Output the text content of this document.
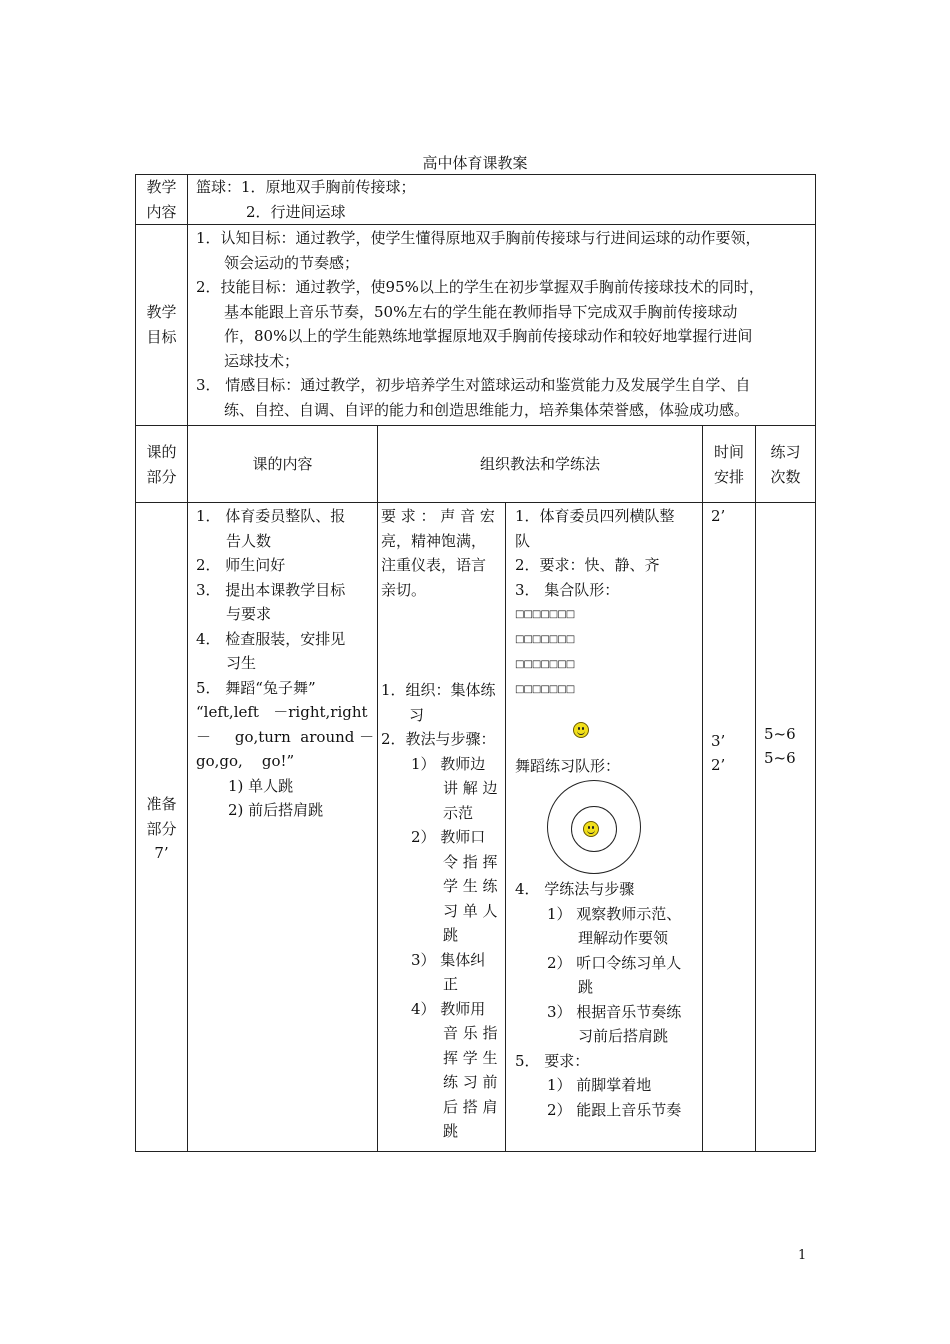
高中体育课教案

教学

内容

篮球：1．原地双手胸前传接球；

2．行进间运球

教学

目标

1．认知目标：通过教学，使学生懂得原地双手胸前传接球与行进间运球的动作要领，

领会运动的节奏感；

2．技能目标：通过教学，使95%以上的学生在初步掌握双手胸前传接球技术的同时，

基本能跟上音乐节奏，50%左右的学生能在教师指导下完成双手胸前传接球动

作，80%以上的学生能熟练地掌握原地双手胸前传接球动作和较好地掌握行进间

运球技术；

3． 情感目标：通过教学，初步培养学生对篮球运动和鉴赏能力及发展学生自学、自

练、自控、自调、自评的能力和创造思维能力，培养集体荣誉感，体验成功感。

课的

部分

课的内容	组织教法和学练法

时间

安排

练习

次数

准备

部分

7’

1． 体育委员整队、报

告人数

2． 师生问好

3． 提出本课教学目标

与要求

4． 检查服装，安排见

习生

5． 舞蹈“兔子舞”

“left,left   －right,right

－     go,turn  around －

go,go,    go!”

1) 单人跳

2) 前后搭肩跳

要 求 ： 声 音 宏

亮，精神饱满，

注重仪表，语言

亲切。

1．组织：集体练

习

2．教法与步骤：

1） 教师边

讲 解 边

示范

2） 教师口

令 指 挥

学 生 练

习 单 人

跳

3） 集体纠

正

4） 教师用

音 乐 指

挥 学 生

练 习 前

后 搭 肩

跳

1．体育委员四列横队整

队

2．要求：快、静、齐

3． 集合队形：

□□□□□□□

□□□□□□□

□□□□□□□

□□□□□□□

舞蹈练习队形：

4． 学练法与步骤

1） 观察教师示范、

理解动作要领

2） 听口令练习单人

跳

3） 根据音乐节奏练

习前后搭肩跳

5． 要求：

1） 前脚掌着地

2） 能跟上音乐节奏

2’
3’
2’
5~6
5~6
1
